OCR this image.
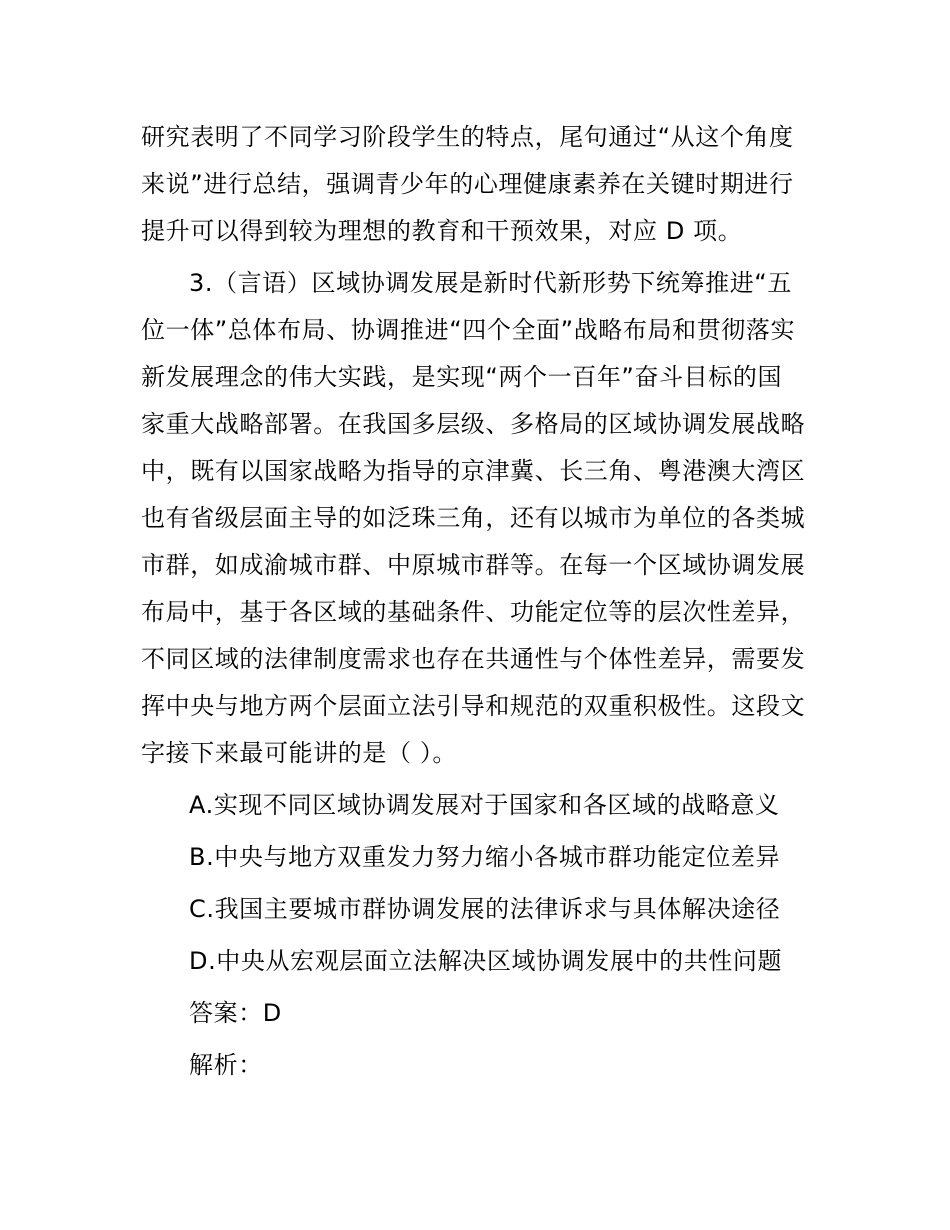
研究表明了不同学习阶段学生的特点，尾句通过“从这个角度
来说”进行总结，强调青少年的心理健康素养在关键时期进行
提升可以得到较为理想的教育和干预效果，对应 D 项。
3.（言语）区域协调发展是新时代新形势下统筹推进“五
位一体”总体布局、协调推进“四个全面”战略布局和贯彻落实
新发展理念的伟大实践，是实现“两个一百年”奋斗目标的国
家重大战略部署。在我国多层级、多格局的区域协调发展战略
中，既有以国家战略为指导的京津冀、长三角、粤港澳大湾区
也有省级层面主导的如泛珠三角，还有以城市为单位的各类城
市群，如成渝城市群、中原城市群等。在每一个区域协调发展
布局中，基于各区域的基础条件、功能定位等的层次性差异，
不同区域的法律制度需求也存在共通性与个体性差异，需要发
挥中央与地方两个层面立法引导和规范的双重积极性。这段文
字接下来最可能讲的是（ ）。
A.实现不同区域协调发展对于国家和各区域的战略意义
B.中央与地方双重发力努力缩小各城市群功能定位差异
C.我国主要城市群协调发展的法律诉求与具体解决途径
D.中央从宏观层面立法解决区域协调发展中的共性问题
答案：D
解析：
